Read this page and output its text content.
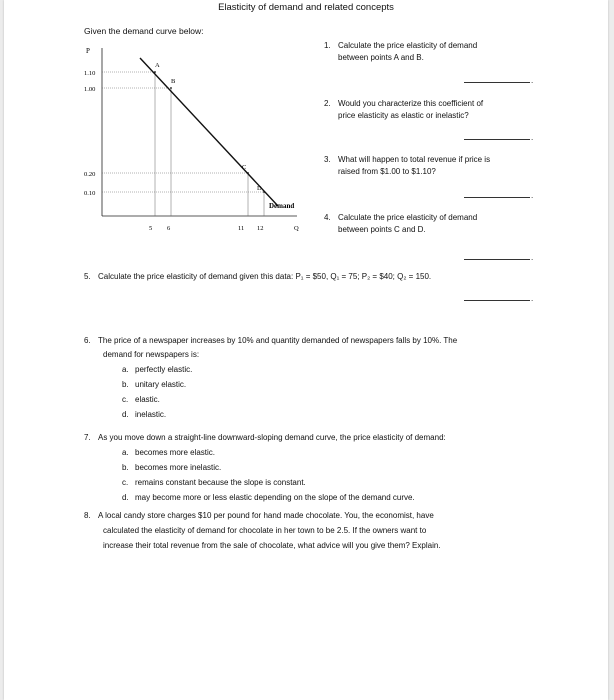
Elasticity of demand and related concepts
Given the demand curve below:
P
1.10
1.00
0.20
0.10
5 6	11 12	Q
A
B
C
D
Demand
1. Calculate the price elasticity of demand
between points A and B.
.
2. Would you characterize this coefficient of
price elasticity as elastic or inelastic?
.
3. What will happen to total revenue if price is
raised from $1.00 to $1.10?
.
4. Calculate the price elasticity of demand
between points C and D.
.
5. Calculate the price elasticity of demand given this data: P₁ = $50, Q₁ = 75; P₂ = $40; Q₂ = 150.
.
6. The price of a newspaper increases by 10% and quantity demanded of newspapers falls by 10%. The
demand for newspapers is:
a. perfectly elastic.
b. unitary elastic.
c. elastic.
d. inelastic.
7. As you move down a straight-line downward-sloping demand curve, the price elasticity of demand:
a. becomes more elastic.
b. becomes more inelastic.
c. remains constant because the slope is constant.
d. may become more or less elastic depending on the slope of the demand curve.
8. A local candy store charges $10 per pound for hand made chocolate. You, the economist, have
calculated the elasticity of demand for chocolate in her town to be 2.5. If the owners want to
increase their total revenue from the sale of chocolate, what advice will you give them? Explain.
